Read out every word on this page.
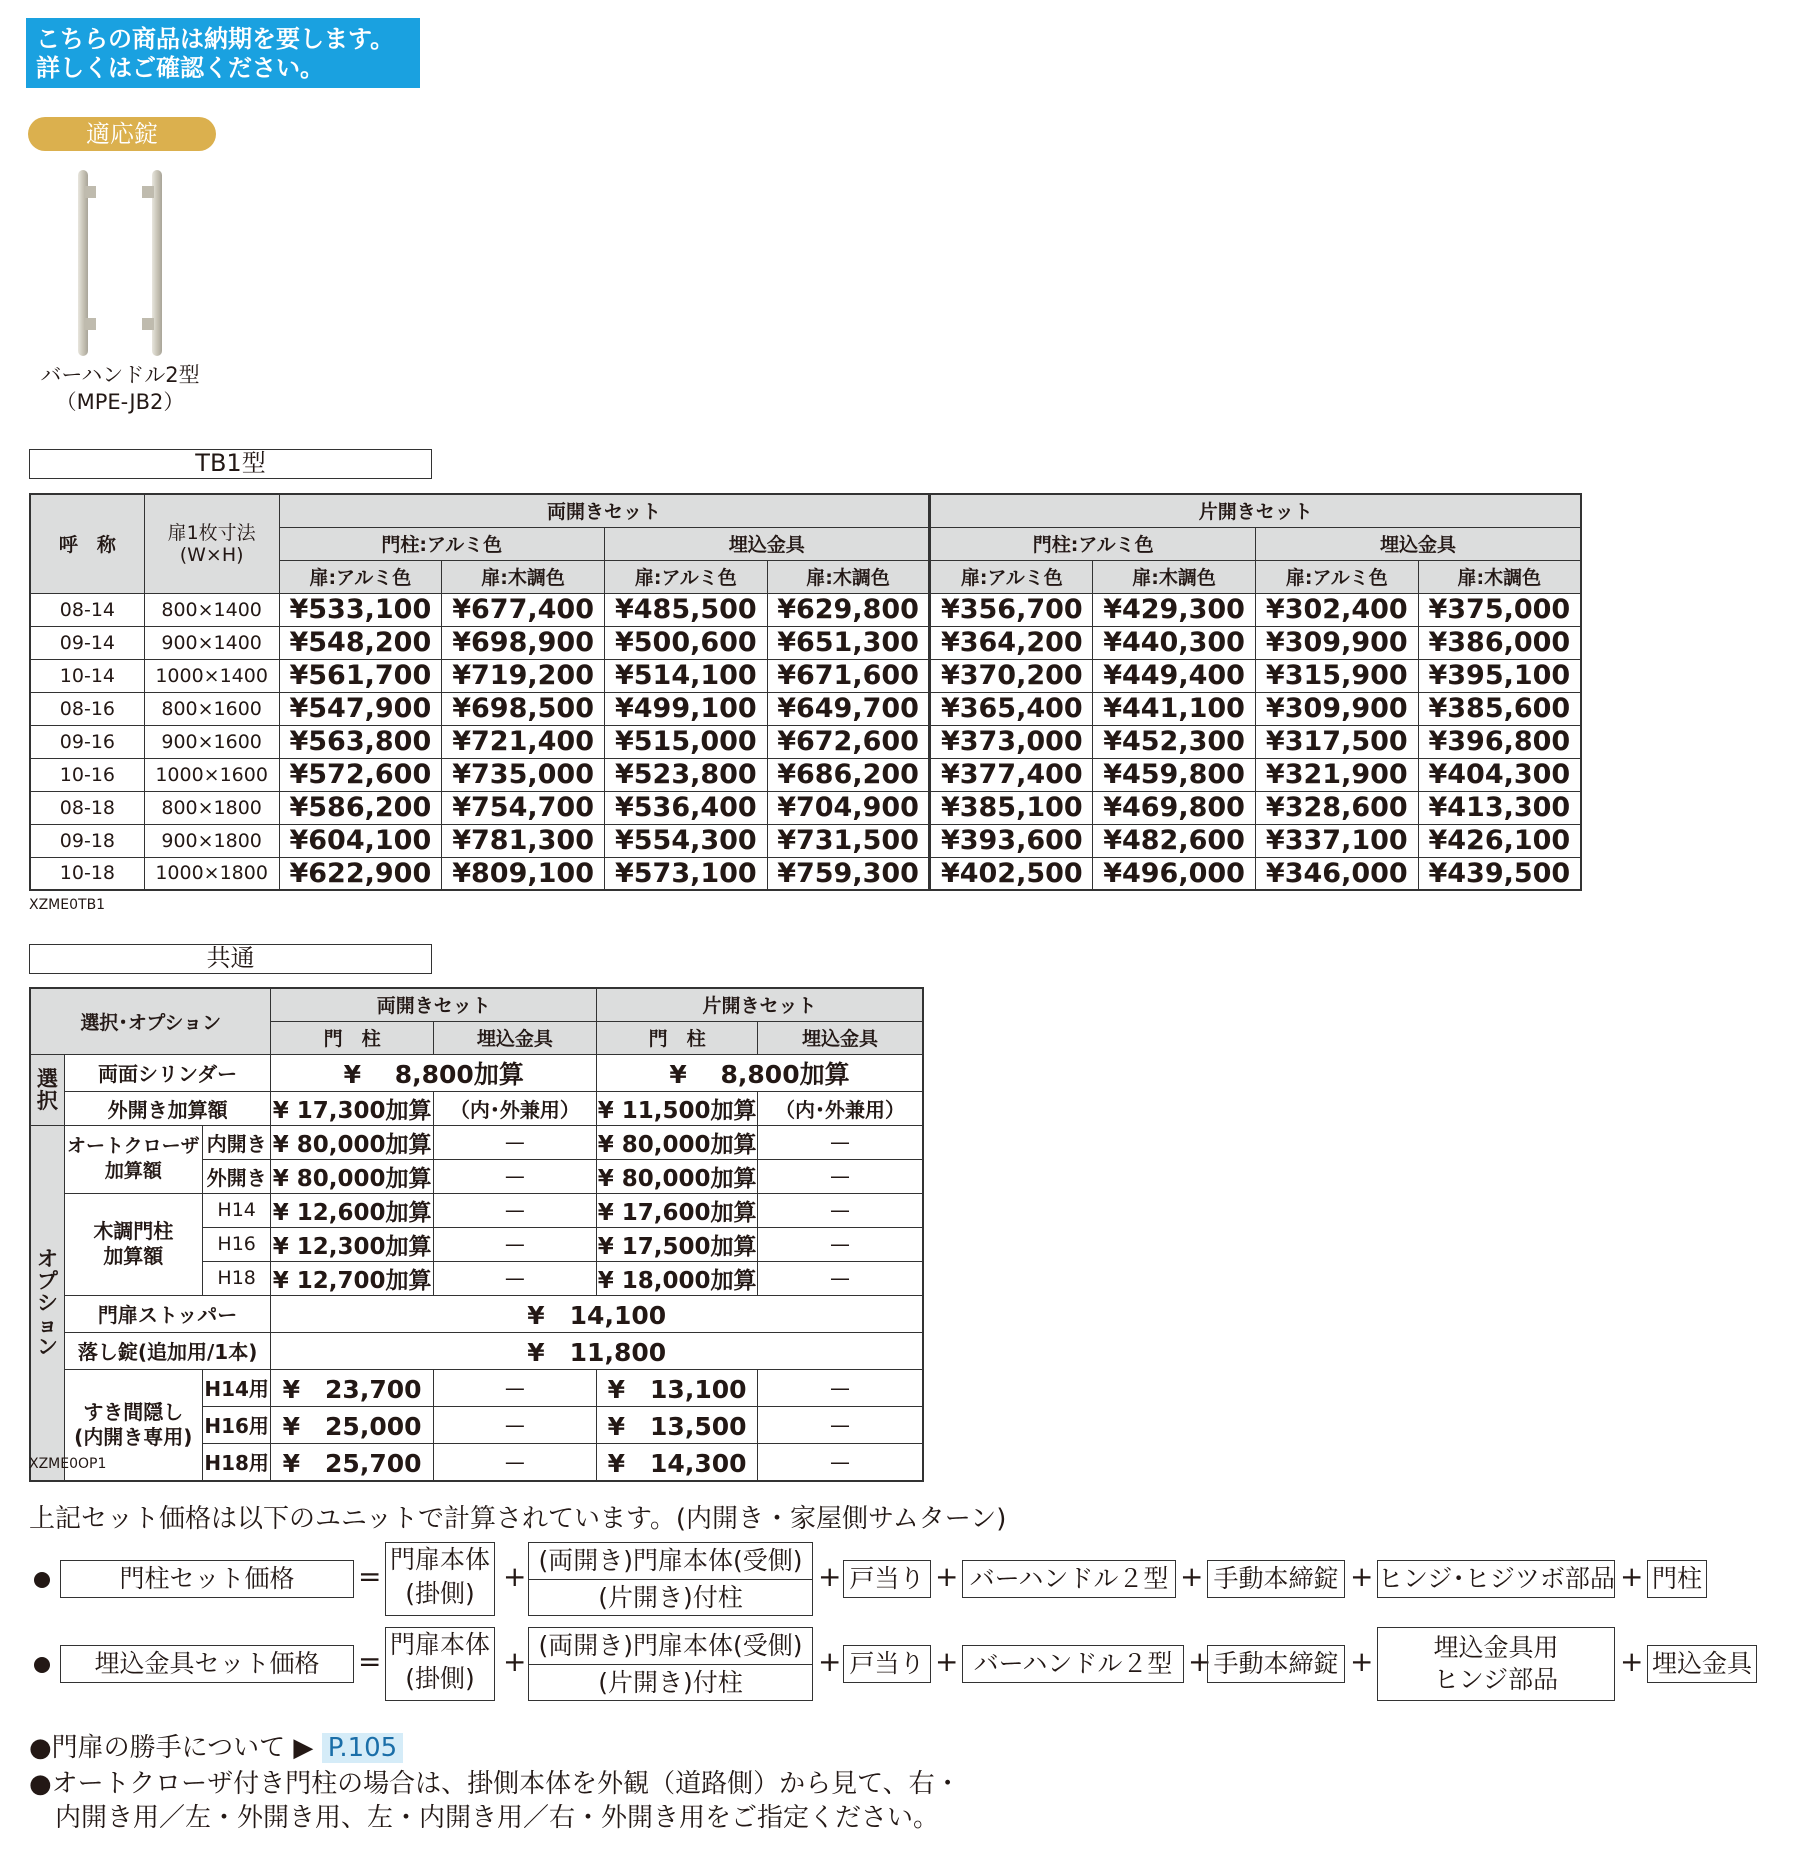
こちらの商品は納期を要します。
詳しくはご確認ください。
適応錠
バーハンドル2型
（MPE-JB2）
TB1型
呼　称	扉1枚寸法
(W×H)	両開きセット				片開きセット			
		門柱:アルミ色		埋込金具		門柱:アルミ色		埋込金具	
		扉:アルミ色	扉:木調色	扉:アルミ色	扉:木調色	扉:アルミ色	扉:木調色	扉:アルミ色	扉:木調色
08-14	800×1400	¥533,100	¥677,400	¥485,500	¥629,800	¥356,700	¥429,300	¥302,400	¥375,000
09-14	900×1400	¥548,200	¥698,900	¥500,600	¥651,300	¥364,200	¥440,300	¥309,900	¥386,000
10-14	1000×1400	¥561,700	¥719,200	¥514,100	¥671,600	¥370,200	¥449,400	¥315,900	¥395,100
08-16	800×1600	¥547,900	¥698,500	¥499,100	¥649,700	¥365,400	¥441,100	¥309,900	¥385,600
09-16	900×1600	¥563,800	¥721,400	¥515,000	¥672,600	¥373,000	¥452,300	¥317,500	¥396,800
10-16	1000×1600	¥572,600	¥735,000	¥523,800	¥686,200	¥377,400	¥459,800	¥321,900	¥404,300
08-18	800×1800	¥586,200	¥754,700	¥536,400	¥704,900	¥385,100	¥469,800	¥328,600	¥413,300
09-18	900×1800	¥604,100	¥781,300	¥554,300	¥731,500	¥393,600	¥482,600	¥337,100	¥426,100
10-18	1000×1800	¥622,900	¥809,100	¥573,100	¥759,300	¥402,500	¥496,000	¥346,000	¥439,500
XZME0TB1
共通
選択･オプション			両開きセット		片開きセット	
			門　柱	埋込金具	門　柱	埋込金具
選
択	両面シリンダー		¥　 8,800加算		¥　 8,800加算	
	外開き加算額		¥ 17,300加算	（内･外兼用）	¥ 11,500加算	（内･外兼用）
オ
プ
シ
ョ
ン	オートクローザ
加算額	内開き	¥ 80,000加算	—	¥ 80,000加算	—
		外開き	¥ 80,000加算	—	¥ 80,000加算	—
	木調門柱
加算額	H14	¥ 12,600加算	—	¥ 17,600加算	—
		H16	¥ 12,300加算	—	¥ 17,500加算	—
		H18	¥ 12,700加算	—	¥ 18,000加算	—
	門扉ストッパー		¥　14,100			
	落し錠(追加用/1本)		¥　11,800			
	すき間隠し
(内開き専用)	H14用	¥　23,700	—	¥　13,100	—
		H16用	¥　25,000	—	¥　13,500	—
		H18用	¥　25,700	—	¥　14,300	—
XZME0OP1
上記セット価格は以下のユニットで計算されています。(内開き・家屋側サムターン)
門柱セット価格	=
門扉本体
(掛側)
+ (両開き)門扉本体(受側)
(片開き)付柱
+ 戸当り + バーハンドル２型 + 手動本締錠 + ヒンジ･ヒジツボ部品 + 門柱
埋込金具セット価格	=
門扉本体
(掛側)
+ (両開き)門扉本体(受側)
(片開き)付柱
+ 戸当り + バーハンドル２型 + 手動本締錠 +	埋込金具用
ヒンジ部品
+ 埋込金具
●門扉の勝手について ▶ P.105
●オートクローザ付き門柱の場合は、掛側本体を外観（道路側）から見て、右・
内開き用／左・外開き用、左・内開き用／右・外開き用をご指定ください。
